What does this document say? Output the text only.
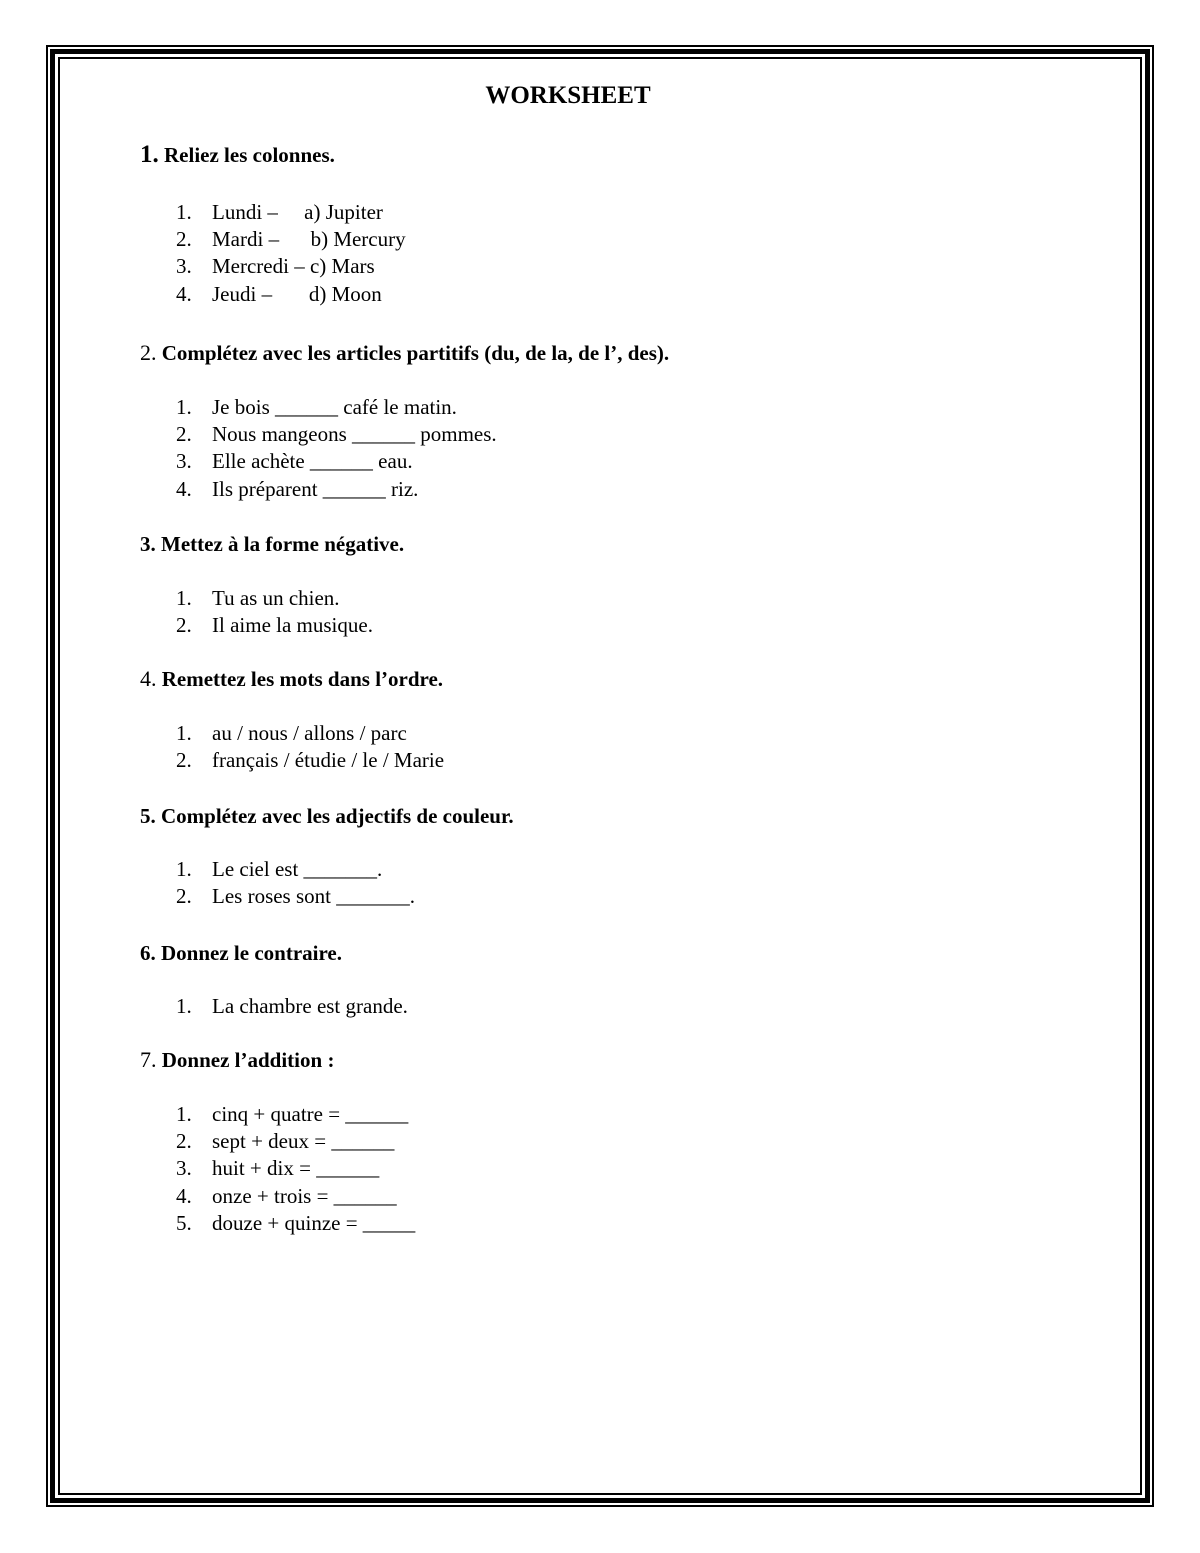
WORKSHEET
1. Reliez les colonnes.
1. Lundi –     a) Jupiter
2. Mardi –      b) Mercury
3. Mercredi – c) Mars
4. Jeudi –       d) Moon
2. Complétez avec les articles partitifs (du, de la, de l’, des).
1. Je bois ______ café le matin.
2. Nous mangeons ______ pommes.
3. Elle achète ______ eau.
4. Ils préparent ______ riz.
3. Mettez à la forme négative.
1. Tu as un chien.
2. Il aime la musique.
4. Remettez les mots dans l’ordre.
1. au / nous / allons / parc
2. français / étudie / le / Marie
5. Complétez avec les adjectifs de couleur.
1. Le ciel est _______.
2. Les roses sont _______.
6. Donnez le contraire.
1. La chambre est grande.
7. Donnez l’addition :
1. cinq + quatre = ______
2. sept + deux = ______
3. huit + dix = ______
4. onze + trois = ______
5. douze + quinze = _____
